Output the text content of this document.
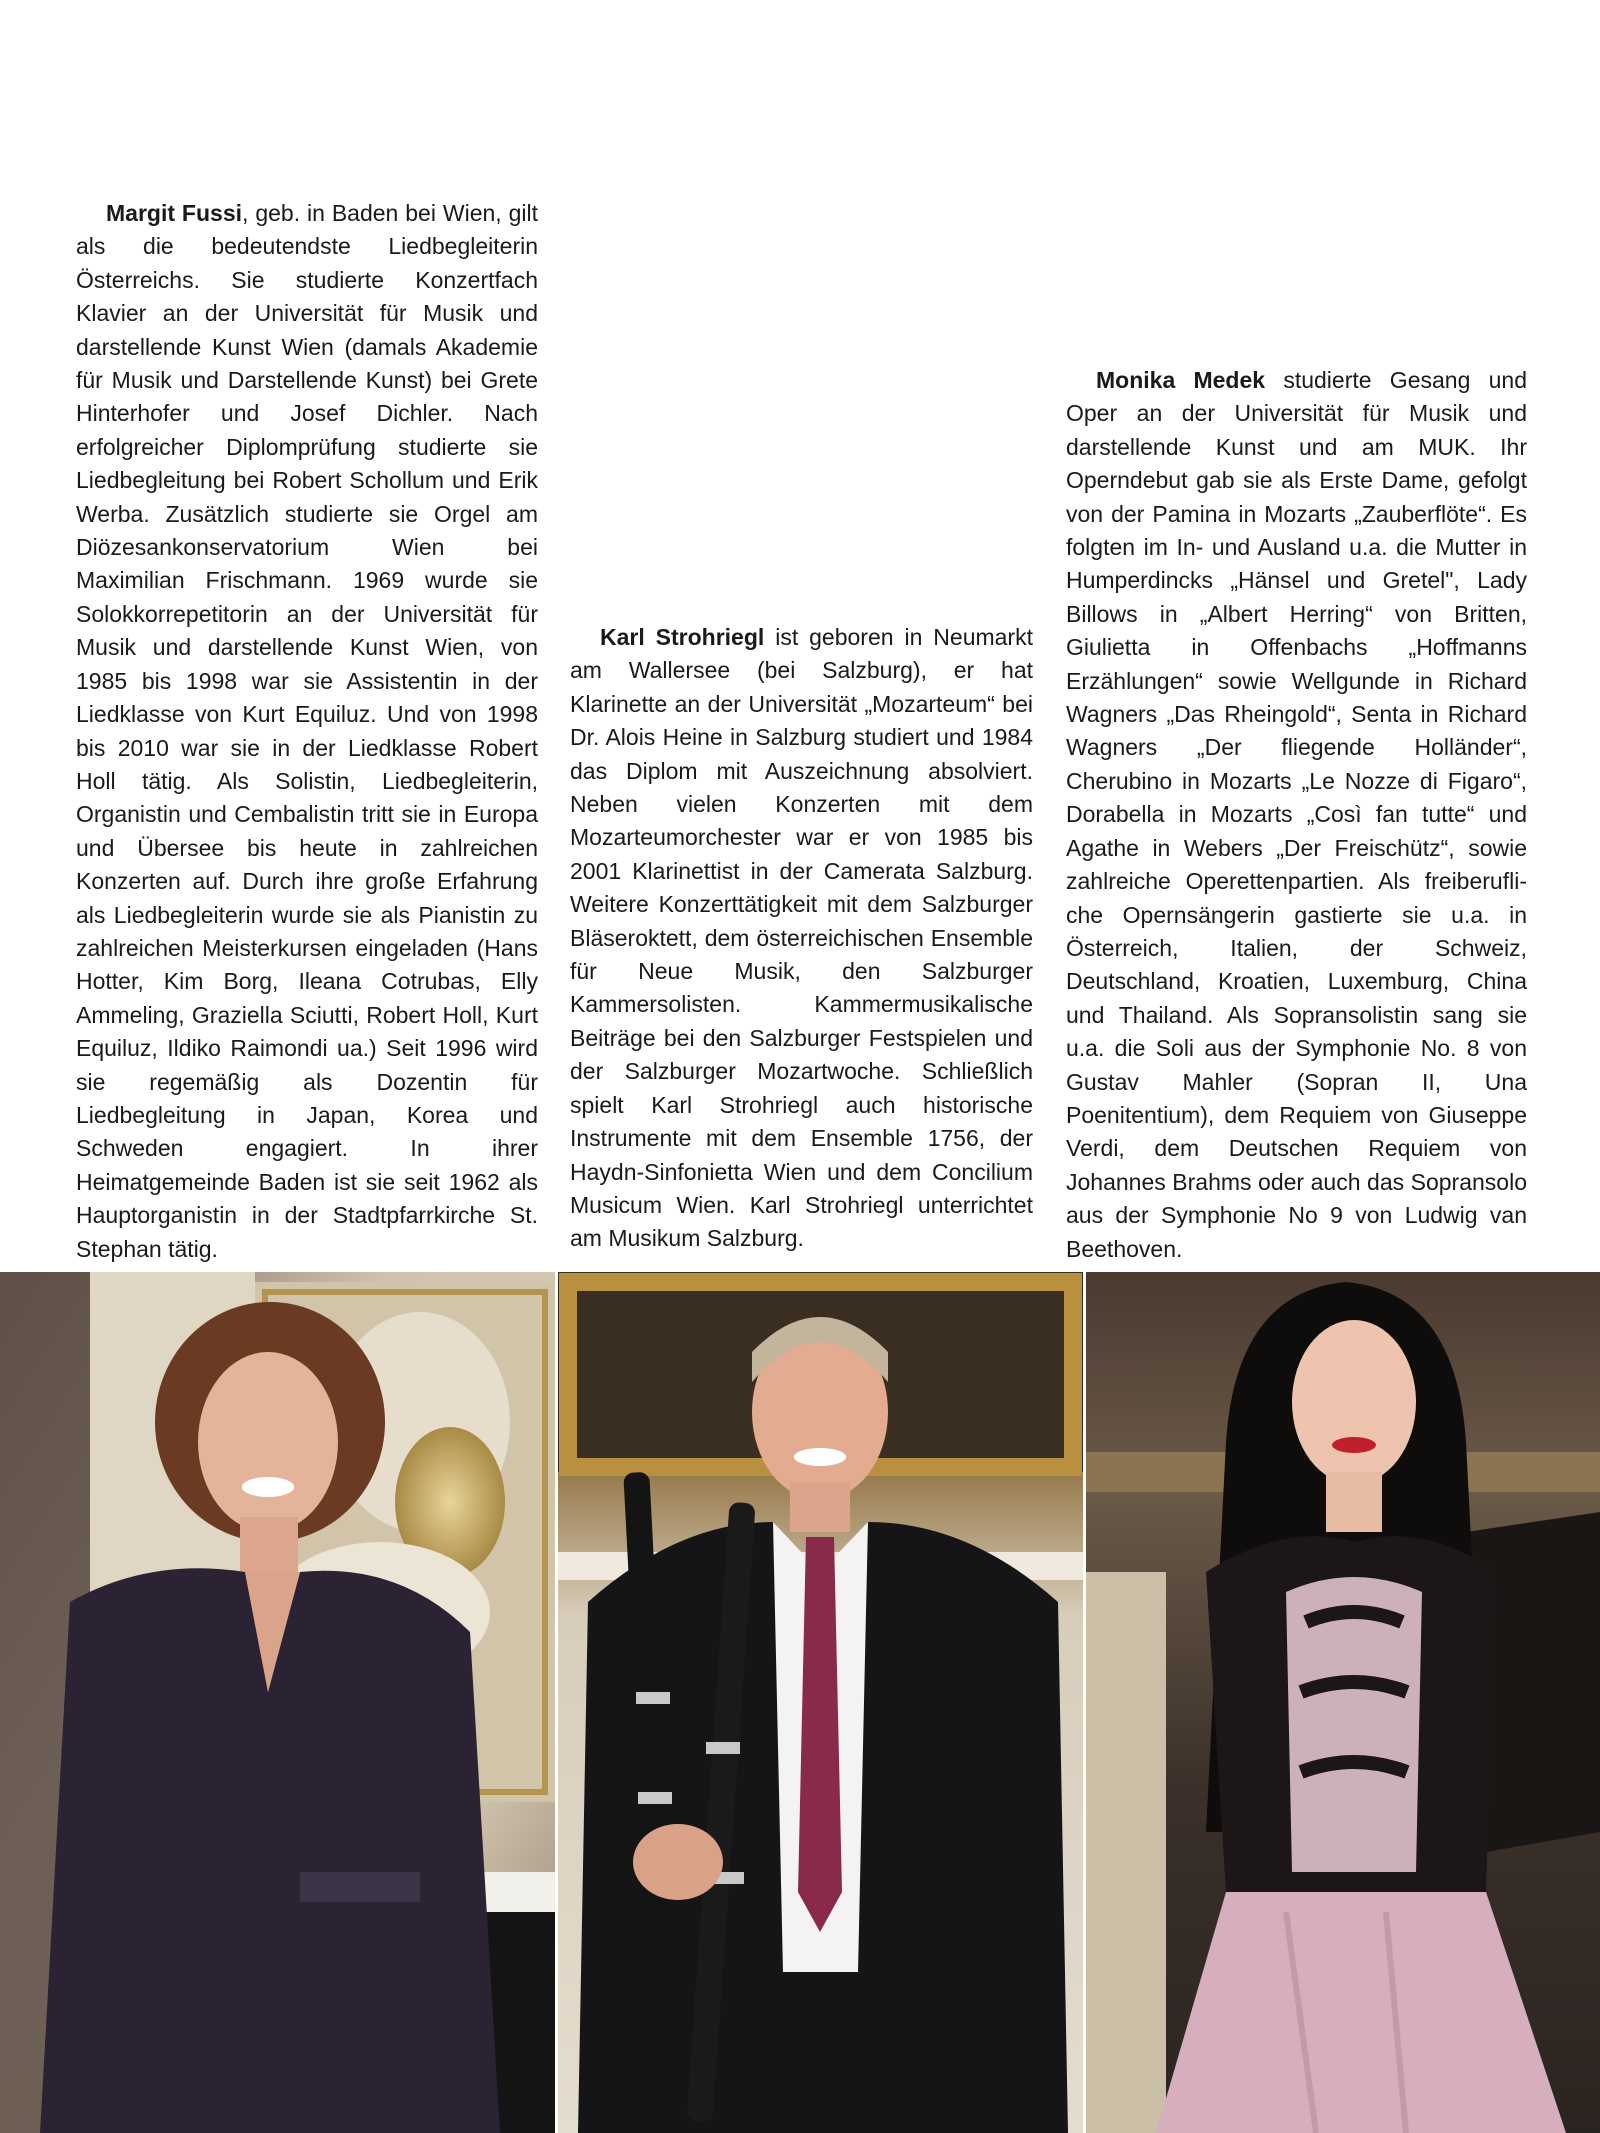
Margit Fussi, geb. in Baden bei Wien, gilt als die bedeutendste Liedbegleiterin Österreichs. Sie studierte Konzertfach Klavier an der Universität für Musik und darstellende Kunst Wien (damals Akademie für Musik und Darstellende Kunst) bei Grete Hinterhofer und Josef Dichler. Nach erfolgreicher Diplomprüfung studierte sie Liedbegleitung bei Robert Schollum und Erik Werba. Zusätzlich studierte sie Orgel am Diözesankonservatorium Wien bei Maximilian Frischmann. 1969 wurde sie Solokkorrepetitorin an der Universität für Musik und darstellende Kunst Wien, von 1985 bis 1998 war sie Assistentin in der Liedklasse von Kurt Equiluz. Und von 1998 bis 2010 war sie in der Liedklasse Robert Holl tätig. Als Solistin, Liedbegleiterin, Organistin und Cembalistin tritt sie in Europa und Übersee bis heute in zahlreichen Konzerten auf. Durch ihre große Erfahrung als Liedbegleiterin wurde sie als Pianistin zu zahlreichen Meisterkursen eingeladen (Hans Hotter, Kim Borg, Ileana Cotrubas, Elly Ammeling, Graziella Sciutti, Robert Holl, Kurt Equiluz, Ildiko Raimondi ua.) Seit 1996 wird sie regemäßig als Dozentin für Liedbegleitung in Japan, Korea und Schweden engagiert. In ihrer Heimatgemeinde Baden ist sie seit 1962 als Hauptorganistin in der Stadtpfarrkirche St. Stephan tätig.

Karl Strohriegl ist geboren in Neumarkt am Wallersee (bei Salzburg), er hat Klarinette an der Universität „Mozarteum“ bei Dr. Alois Heine in Salzburg studiert und 1984 das Diplom mit Auszeichnung absolviert. Neben vielen Konzerten mit dem Mozarteumorchester war er von 1985 bis 2001 Klarinettist in der Camerata Salzburg. Weitere Konzerttätigkeit mit dem Salzburger Bläseroktett, dem österreichischen Ensemble für Neue Musik, den Salzburger Kammersolisten. Kammermusikalische Beiträge bei den Salzburger Festspielen und der Salzburger Mozartwoche. Schließlich spielt Karl Strohriegl auch historische Instrumente mit dem Ensemble 1756, der Haydn-Sinfonietta Wien und dem Concilium Musicum Wien. Karl Strohriegl unterrichtet am Musikum Salzburg.

Monika Medek studierte Gesang und Oper an der Universität für Musik und darstellende Kunst und am MUK. Ihr Operndebut gab sie als Erste Dame, gefolgt von der Pamina in Mozarts „Zauberflöte“. Es folgten im In- und Ausland u.a. die Mutter in Humperdincks „Hänsel und Gretel", Lady Billows in „Albert Herring“ von Britten, Giulietta in Offenbachs „Hoffmanns Erzählungen“ sowie Wellgunde in Richard Wagners „Das Rheingold“, Senta in Richard Wagners „Der fliegende Holländer“, Cherubino in Mozarts „Le Nozze di Figaro“, Dorabella in Mozarts „Così fan tutte“ und Agathe in Webers „Der Freischütz“, sowie zahlreiche Operettenpartien. Als freiberufliche Opernsängerin gastierte sie u.a. in Österreich, Italien, der Schweiz, Deutschland, Kroatien, Luxemburg, China und Thailand. Als Sopransolistin sang sie u.a. die Soli aus der Symphonie No. 8 von Gustav Mahler (Sopran II, Una Poenitentium), dem Requiem von Giuseppe Verdi, dem Deutschen Requiem von Johannes Brahms oder auch das Sopransolo aus der Symphonie No 9 von Ludwig van Beethoven.
